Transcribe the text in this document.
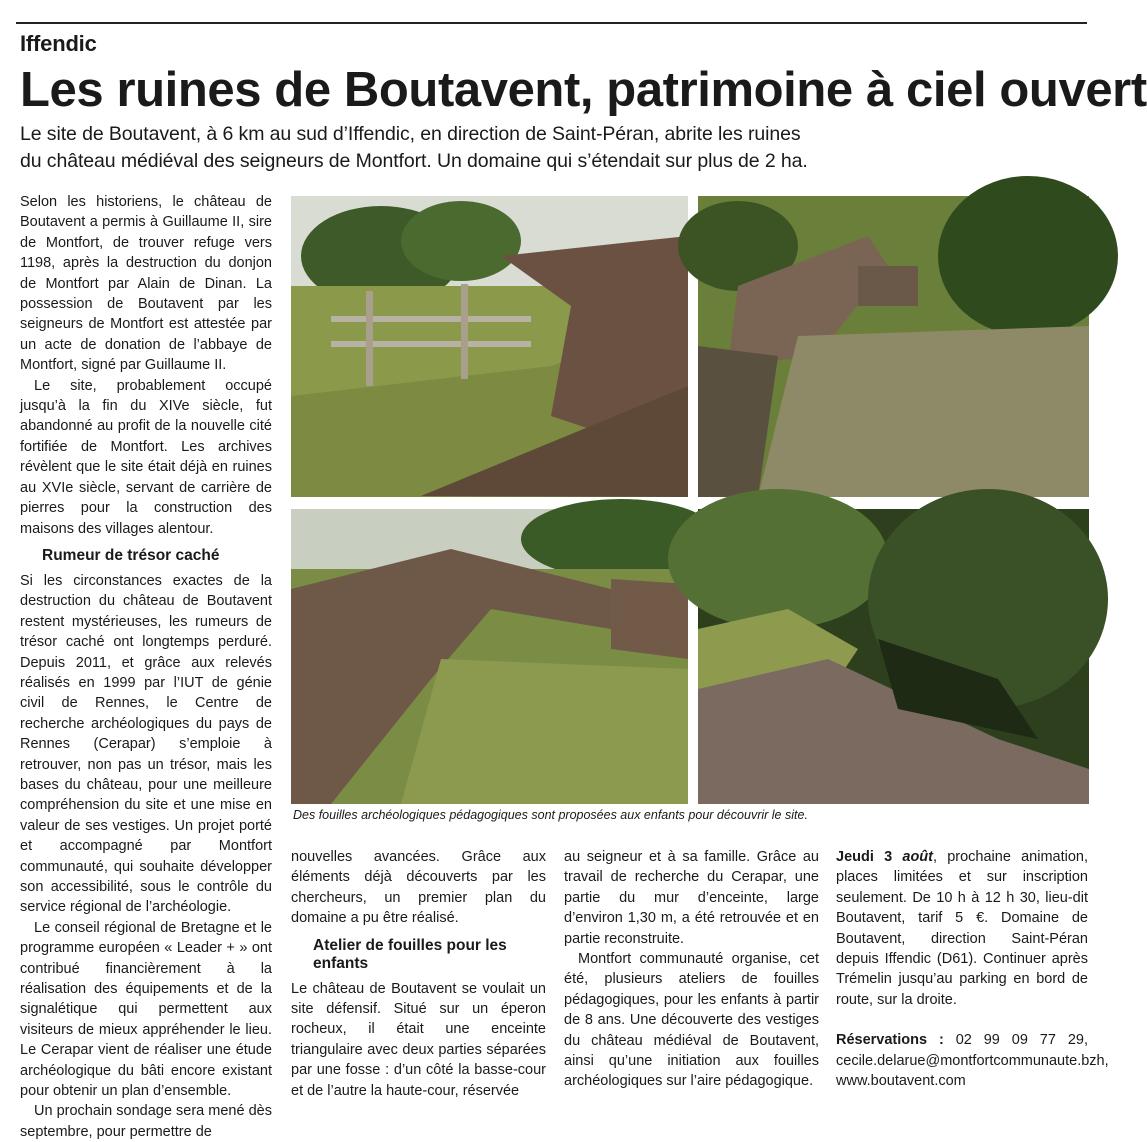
Iffendic
Les ruines de Boutavent, patrimoine à ciel ouvert

Le site de Boutavent, à 6 km au sud d’Iffendic, en direction de Saint-Péran, abrite les ruines

du château médiéval des seigneurs de Montfort. Un domaine qui s’étendait sur plus de 2 ha.

Selon les historiens, le château de Boutavent a permis à Guillaume II, sire de Montfort, de trouver refuge vers 1198, après la destruction du donjon de Montfort par Alain de Dinan. La possession de Boutavent par les seigneurs de Montfort est attestée par un acte de donation de l’abbaye de Montfort, signé par Guillaume II.

Le site, probablement occupé jusqu’à la fin du XIVe siècle, fut abandonné au profit de la nouvelle cité fortifiée de Montfort. Les archives révèlent que le site était déjà en ruines au XVIe siècle, servant de carrière de pierres pour la construction des maisons des villages alentour.

Rumeur de trésor caché

Si les circonstances exactes de la destruction du château de Boutavent restent mystérieuses, les rumeurs de trésor caché ont longtemps perduré. Depuis 2011, et grâce aux relevés réalisés en 1999 par l’IUT de génie civil de Rennes, le Centre de recherche archéologiques du pays de Rennes (Cerapar) s’emploie à retrouver, non pas un trésor, mais les bases du château, pour une meilleure compréhension du site et une mise en valeur de ses vestiges. Un projet porté et accompagné par Montfort communauté, qui souhaite développer son accessibilité, sous le contrôle du service régional de l’archéologie.

Le conseil régional de Bretagne et le programme européen « Leader + » ont contribué financièrement à la réalisation des équipements et de la signalétique qui permettent aux visiteurs de mieux appréhender le lieu. Le Cerapar vient de réaliser une étude archéologique du bâti encore existant pour obtenir un plan d’ensemble.

Un prochain sondage sera mené dès septembre, pour permettre de

Des fouilles archéologiques pédagogiques sont proposées aux enfants pour découvrir le site.

nouvelles avancées. Grâce aux éléments déjà découverts par les chercheurs, un premier plan du domaine a pu être réalisé.

Atelier de fouilles pour les enfants

Le château de Boutavent se voulait un site défensif. Situé sur un éperon rocheux, il était une enceinte triangulaire avec deux parties séparées par une fosse : d’un côté la basse-cour et de l’autre la haute-cour, réservée

au seigneur et à sa famille. Grâce au travail de recherche du Cerapar, une partie du mur d’enceinte, large d’environ 1,30 m, a été retrouvée et en partie reconstruite.

Montfort communauté organise, cet été, plusieurs ateliers de fouilles pédagogiques, pour les enfants à partir de 8 ans. Une découverte des vestiges du château médiéval de Boutavent, ainsi qu’une initiation aux fouilles archéologiques sur l’aire pédagogique.

Jeudi 3 août, prochaine animation, places limitées et sur inscription seulement. De 10 h à 12 h 30, lieu-dit Boutavent, tarif 5 €. Domaine de Boutavent, direction Saint-Péran depuis Iffendic (D61). Continuer après Trémelin jusqu’au parking en bord de route, sur la droite.

Réservations : 02 99 09 77 29, cecile.delarue@montfortcommunaute.bzh, www.boutavent.com
